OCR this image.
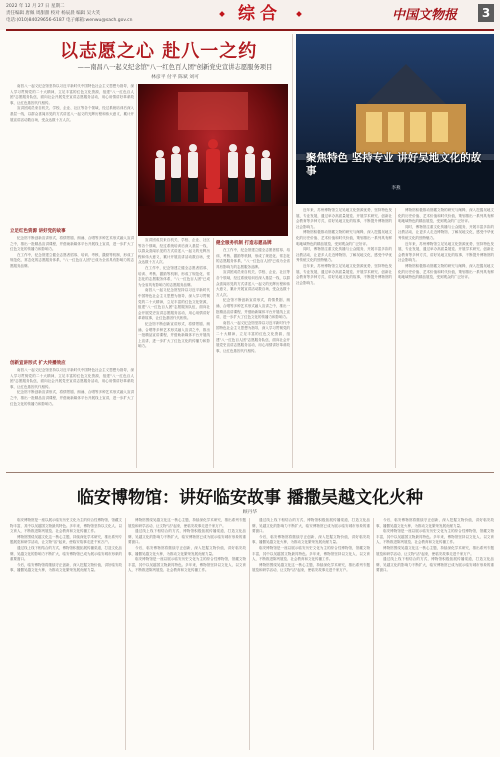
2022 年 12 月 27 日 星期二
责任编辑 唐佩 周甜甜 校对 杨辰晨 编辑 吴大笑
电话:(010)84029656-6187 电子邮箱:wenwu@sach.gov.cn	综合	中国文物报	3
以志愿之心 赴八一之约
——南昌八一起义纪念馆"八一红色百人团"创新党史宣讲志愿服务项目
林彦平 付平 陈斌 刘可

南昌八一起义纪念馆坚持以习近平新时代中国特色社会主义思想为指导，深入学习贯彻党的二十大精神，立足丰富的红色文化资源，组建"八一红色百人团"志愿服务队伍，面向社会开展党史宣讲志愿服务活动，用心用情讲好革命故事，让红色基因代代相传。

宣讲团成员来自机关、学校、企业、社区等各个领域，经过系统培训后深入基层一线，以群众喜闻乐见的方式讲述八一起义的光辉历程和伟大意义，累计开展宣讲活动数百场，受众达数十万人次。

立足红色资源 讲好党的故事

纪念馆不断创新宣讲形式，将情景剧、朗诵、合唱等多种艺术形式融入宣讲之中，推出一批精品宣讲课程，并借助新媒体平台开展线上宣讲，进一步扩大了红色文化的传播力和影响力。

在工作中，纪念馆建立健全志愿者招募、培训、考核、激励等机制，形成了规范化、常态化的志愿服务体系，"八一红色百人团"已成为全省具有影响力的志愿服务品牌。

创新宣讲形式 扩大传播效应

南昌八一起义纪念馆坚持以习近平新时代中国特色社会主义思想为指导，深入学习贯彻党的二十大精神，立足丰富的红色文化资源，组建"八一红色百人团"志愿服务队伍，面向社会开展党史宣讲志愿服务活动，用心用情讲好革命故事，让红色基因代代相传。

纪念馆不断创新宣讲形式，将情景剧、朗诵、合唱等多种艺术形式融入宣讲之中，推出一批精品宣讲课程，并借助新媒体平台开展线上宣讲，进一步扩大了红色文化的传播力和影响力。

宣讲团成员来自机关、学校、企业、社区等各个领域，经过系统培训后深入基层一线，以群众喜闻乐见的方式讲述八一起义的光辉历程和伟大意义，累计开展宣讲活动数百场，受众达数十万人次。

在工作中，纪念馆建立健全志愿者招募、培训、考核、激励等机制，形成了规范化、常态化的志愿服务体系，"八一红色百人团"已成为全省具有影响力的志愿服务品牌。

南昌八一起义纪念馆坚持以习近平新时代中国特色社会主义思想为指导，深入学习贯彻党的二十大精神，立足丰富的红色文化资源，组建"八一红色百人团"志愿服务队伍，面向社会开展党史宣讲志愿服务活动，用心用情讲好革命故事，让红色基因代代相传。

纪念馆不断创新宣讲形式，将情景剧、朗诵、合唱等多种艺术形式融入宣讲之中，推出一批精品宣讲课程，并借助新媒体平台开展线上宣讲，进一步扩大了红色文化的传播力和影响力。

健全服务机制 打造志愿品牌

在工作中，纪念馆建立健全志愿者招募、培训、考核、激励等机制，形成了规范化、常态化的志愿服务体系，"八一红色百人团"已成为全省具有影响力的志愿服务品牌。

宣讲团成员来自机关、学校、企业、社区等各个领域，经过系统培训后深入基层一线，以群众喜闻乐见的方式讲述八一起义的光辉历程和伟大意义，累计开展宣讲活动数百场，受众达数十万人次。

纪念馆不断创新宣讲形式，将情景剧、朗诵、合唱等多种艺术形式融入宣讲之中，推出一批精品宣讲课程，并借助新媒体平台开展线上宣讲，进一步扩大了红色文化的传播力和影响力。

南昌八一起义纪念馆坚持以习近平新时代中国特色社会主义思想为指导，深入学习贯彻党的二十大精神，立足丰富的红色文化资源，组建"八一红色百人团"志愿服务队伍，面向社会开展党史宣讲志愿服务活动，用心用情讲好革命故事，让红色基因代代相传。

聚焦特色 坚持专业 讲好吴地文化的故事
李燕

近年来，苏州博物馆立足吴地文化资源优势，坚持特色发展、专业发展，通过举办高质量展览、开展学术研究、创新社会教育等多种方式，讲好吴地文化的故事，不断提升博物馆的社会影响力。

博物馆积极推动馆藏文物的研究与阐释，深入挖掘吴地文化的历史价值、艺术价值和时代价值，策划推出一系列具有鲜明地域特色的精品展览，受到观众的广泛好评。

同时，博物馆注重文化传播与公众服务，开展丰富多彩的社教活动，让更多人走近博物馆、了解吴地文化，感受中华优秀传统文化的独特魅力。

近年来，苏州博物馆立足吴地文化资源优势，坚持特色发展、专业发展，通过举办高质量展览、开展学术研究、创新社会教育等多种方式，讲好吴地文化的故事，不断提升博物馆的社会影响力。

博物馆积极推动馆藏文物的研究与阐释，深入挖掘吴地文化的历史价值、艺术价值和时代价值，策划推出一系列具有鲜明地域特色的精品展览，受到观众的广泛好评。

同时，博物馆注重文化传播与公众服务，开展丰富多彩的社教活动，让更多人走近博物馆、了解吴地文化，感受中华优秀传统文化的独特魅力。

近年来，苏州博物馆立足吴地文化资源优势，坚持特色发展、专业发展，通过举办高质量展览、开展学术研究、创新社会教育等多种方式，讲好吴地文化的故事，不断提升博物馆的社会影响力。

博物馆积极推动馆藏文物的研究与阐释，深入挖掘吴地文化的历史价值、艺术价值和时代价值，策划推出一系列具有鲜明地域特色的精品展览，受到观众的广泛好评。

临安博物馆：讲好临安故事 播撒吴越文化火种
顾丹华

临安博物馆是一座以展示临安历史文化为主的综合性博物馆，馆藏文物丰富，其中以吴越国文物最具特色。多年来，博物馆坚持以文化人、以文育人，不断推进陈列展览、社会教育和文化传播工作。

博物馆围绕吴越文化这一核心主题，持续深化学术研究，推出系列专题展览和研学活动，让文物"活"起来，使临安故事走进千家万户。

通过线上线下相结合的方式，博物馆积极拓展传播渠道，打造文化品牌，吴越文化的影响力不断扩大，临安博物馆已成为展示临安城市形象的重要窗口。

今后，临安博物馆将继续守正创新，深入挖掘文物价值，讲好临安故事，播撒吴越文化火种，为推动文化繁荣发展贡献力量。

博物馆围绕吴越文化这一核心主题，持续深化学术研究，推出系列专题展览和研学活动，让文物"活"起来，使临安故事走进千家万户。

通过线上线下相结合的方式，博物馆积极拓展传播渠道，打造文化品牌，吴越文化的影响力不断扩大，临安博物馆已成为展示临安城市形象的重要窗口。

今后，临安博物馆将继续守正创新，深入挖掘文物价值，讲好临安故事，播撒吴越文化火种，为推动文化繁荣发展贡献力量。

临安博物馆是一座以展示临安历史文化为主的综合性博物馆，馆藏文物丰富，其中以吴越国文物最具特色。多年来，博物馆坚持以文化人、以文育人，不断推进陈列展览、社会教育和文化传播工作。

通过线上线下相结合的方式，博物馆积极拓展传播渠道，打造文化品牌，吴越文化的影响力不断扩大，临安博物馆已成为展示临安城市形象的重要窗口。

今后，临安博物馆将继续守正创新，深入挖掘文物价值，讲好临安故事，播撒吴越文化火种，为推动文化繁荣发展贡献力量。

临安博物馆是一座以展示临安历史文化为主的综合性博物馆，馆藏文物丰富，其中以吴越国文物最具特色。多年来，博物馆坚持以文化人、以文育人，不断推进陈列展览、社会教育和文化传播工作。

博物馆围绕吴越文化这一核心主题，持续深化学术研究，推出系列专题展览和研学活动，让文物"活"起来，使临安故事走进千家万户。

今后，临安博物馆将继续守正创新，深入挖掘文物价值，讲好临安故事，播撒吴越文化火种，为推动文化繁荣发展贡献力量。

临安博物馆是一座以展示临安历史文化为主的综合性博物馆，馆藏文物丰富，其中以吴越国文物最具特色。多年来，博物馆坚持以文化人、以文育人，不断推进陈列展览、社会教育和文化传播工作。

博物馆围绕吴越文化这一核心主题，持续深化学术研究，推出系列专题展览和研学活动，让文物"活"起来，使临安故事走进千家万户。

通过线上线下相结合的方式，博物馆积极拓展传播渠道，打造文化品牌，吴越文化的影响力不断扩大，临安博物馆已成为展示临安城市形象的重要窗口。
